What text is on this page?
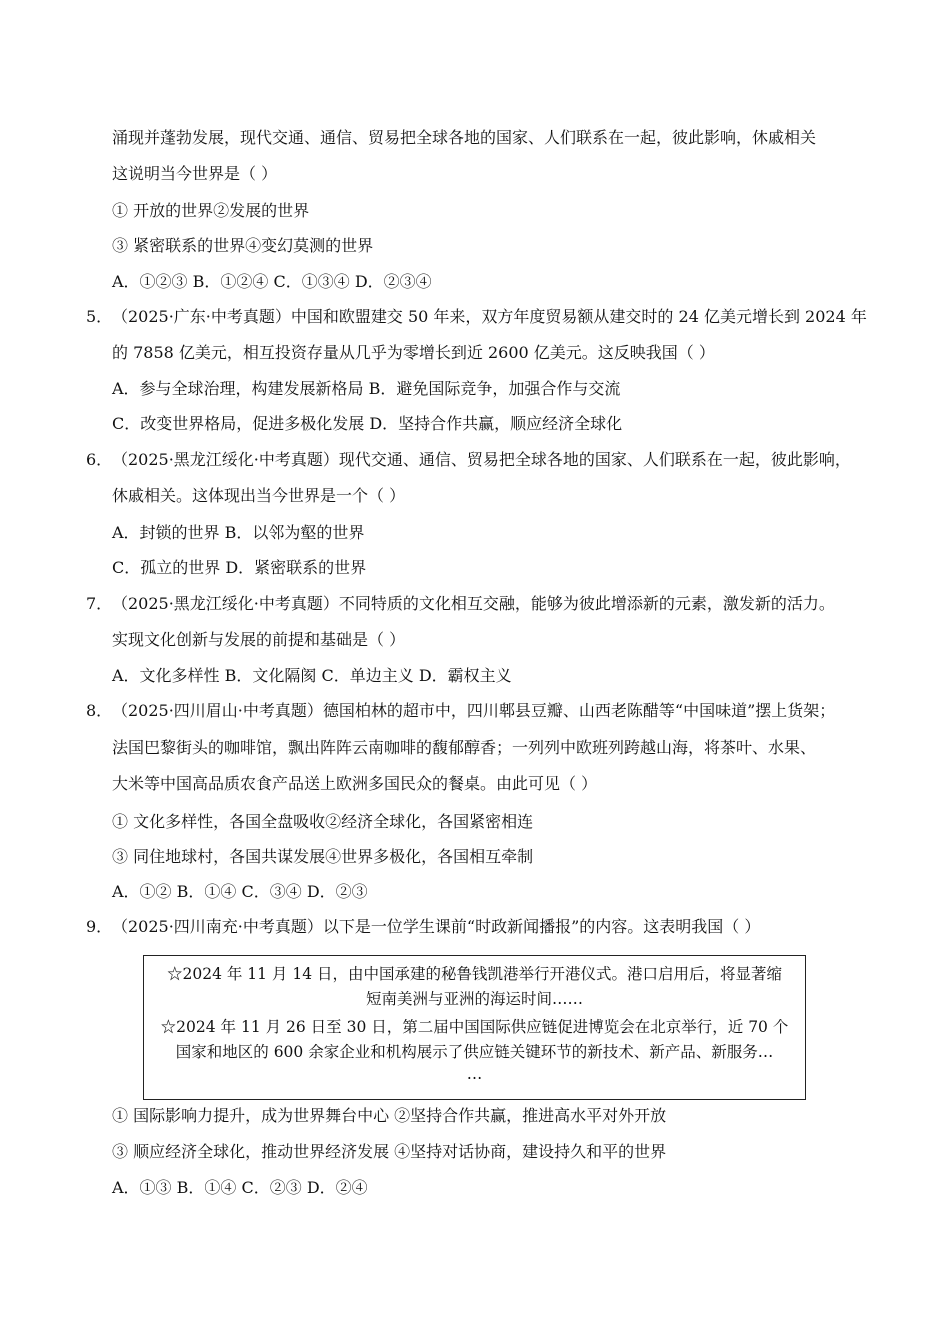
涌现并蓬勃发展，现代交通、通信、贸易把全球各地的国家、人们联系在一起，彼此影响，休戚相关
这说明当今世界是（ ）
① 开放的世界②发展的世界
③ 紧密联系的世界④变幻莫测的世界
A．①②③ B．①②④ C．①③④ D．②③④
5．（2025·广东·中考真题）中国和欧盟建交 50 年来，双方年度贸易额从建交时的 24 亿美元增长到 2024 年
的 7858 亿美元，相互投资存量从几乎为零增长到近 2600 亿美元。这反映我国（ ）
A．参与全球治理，构建发展新格局 B．避免国际竞争，加强合作与交流
C．改变世界格局，促进多极化发展 D．坚持合作共赢，顺应经济全球化
6．（2025·黑龙江绥化·中考真题）现代交通、通信、贸易把全球各地的国家、人们联系在一起，彼此影响，
休戚相关。这体现出当今世界是一个（ ）
A．封锁的世界 B．以邻为壑的世界
C．孤立的世界 D．紧密联系的世界
7．（2025·黑龙江绥化·中考真题）不同特质的文化相互交融，能够为彼此增添新的元素，激发新的活力。
实现文化创新与发展的前提和基础是（ ）
A．文化多样性 B．文化隔阂 C．单边主义 D．霸权主义
8．（2025·四川眉山·中考真题）德国柏林的超市中，四川郫县豆瓣、山西老陈醋等“中国味道”摆上货架；
法国巴黎街头的咖啡馆，飘出阵阵云南咖啡的馥郁醇香；一列列中欧班列跨越山海，将茶叶、水果、
大米等中国高品质农食产品送上欧洲多国民众的餐桌。由此可见（ ）
① 文化多样性，各国全盘吸收②经济全球化，各国紧密相连
③ 同住地球村，各国共谋发展④世界多极化，各国相互牵制
A．①② B．①④ C．③④ D．②③
9．（2025·四川南充·中考真题）以下是一位学生课前“时政新闻播报”的内容。这表明我国（ ）

☆2024 年 11 月 14 日，由中国承建的秘鲁钱凯港举行开港仪式。港口启用后，将显著缩

短南美洲与亚洲的海运时间……

☆2024 年 11 月 26 日至 30 日，第二届中国国际供应链促进博览会在北京举行，近 70 个

国家和地区的 600 余家企业和机构展示了供应链关键环节的新技术、新产品、新服务…

…

① 国际影响力提升，成为世界舞台中心 ②坚持合作共赢，推进高水平对外开放
③ 顺应经济全球化，推动世界经济发展 ④坚持对话协商，建设持久和平的世界
A．①③ B．①④ C．②③ D．②④
